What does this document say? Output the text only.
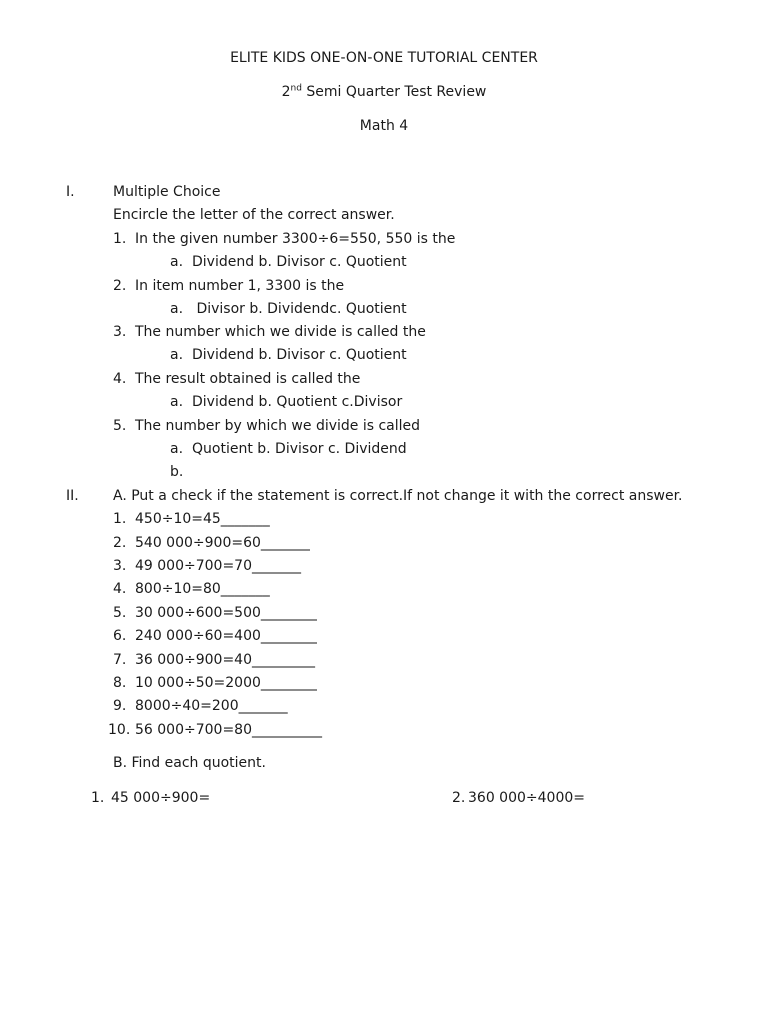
ELITE KIDS ONE-ON-ONE TUTORIAL CENTER
2nd Semi Quarter Test Review
Math 4
I.	Multiple Choice
Encircle the letter of the correct answer.
1. In the given number 3300÷6=550, 550 is the
a. Dividend b. Divisor c. Quotient
2. In item number 1, 3300 is the
a. Divisor b. Dividendc. Quotient
3. The number which we divide is called the
a. Dividend b. Divisor c. Quotient
4. The result obtained is called the
a. Dividend b. Quotient c.Divisor
5. The number by which we divide is called
a. Quotient b. Divisor c. Dividend
b.
II. A. Put a check if the statement is correct.If not change it with the correct answer.
1. 450÷10=45_______
2. 540 000÷900=60_______
3. 49 000÷700=70_______
4. 800÷10=80_______
5. 30 000÷600=500________
6. 240 000÷60=400________
7. 36 000÷900=40_________
8. 10 000÷50=2000________
9. 8000÷40=200_______
10. 56 000÷700=80__________
B. Find each quotient.
1. 45 000÷900=	2. 360 000÷4000=
